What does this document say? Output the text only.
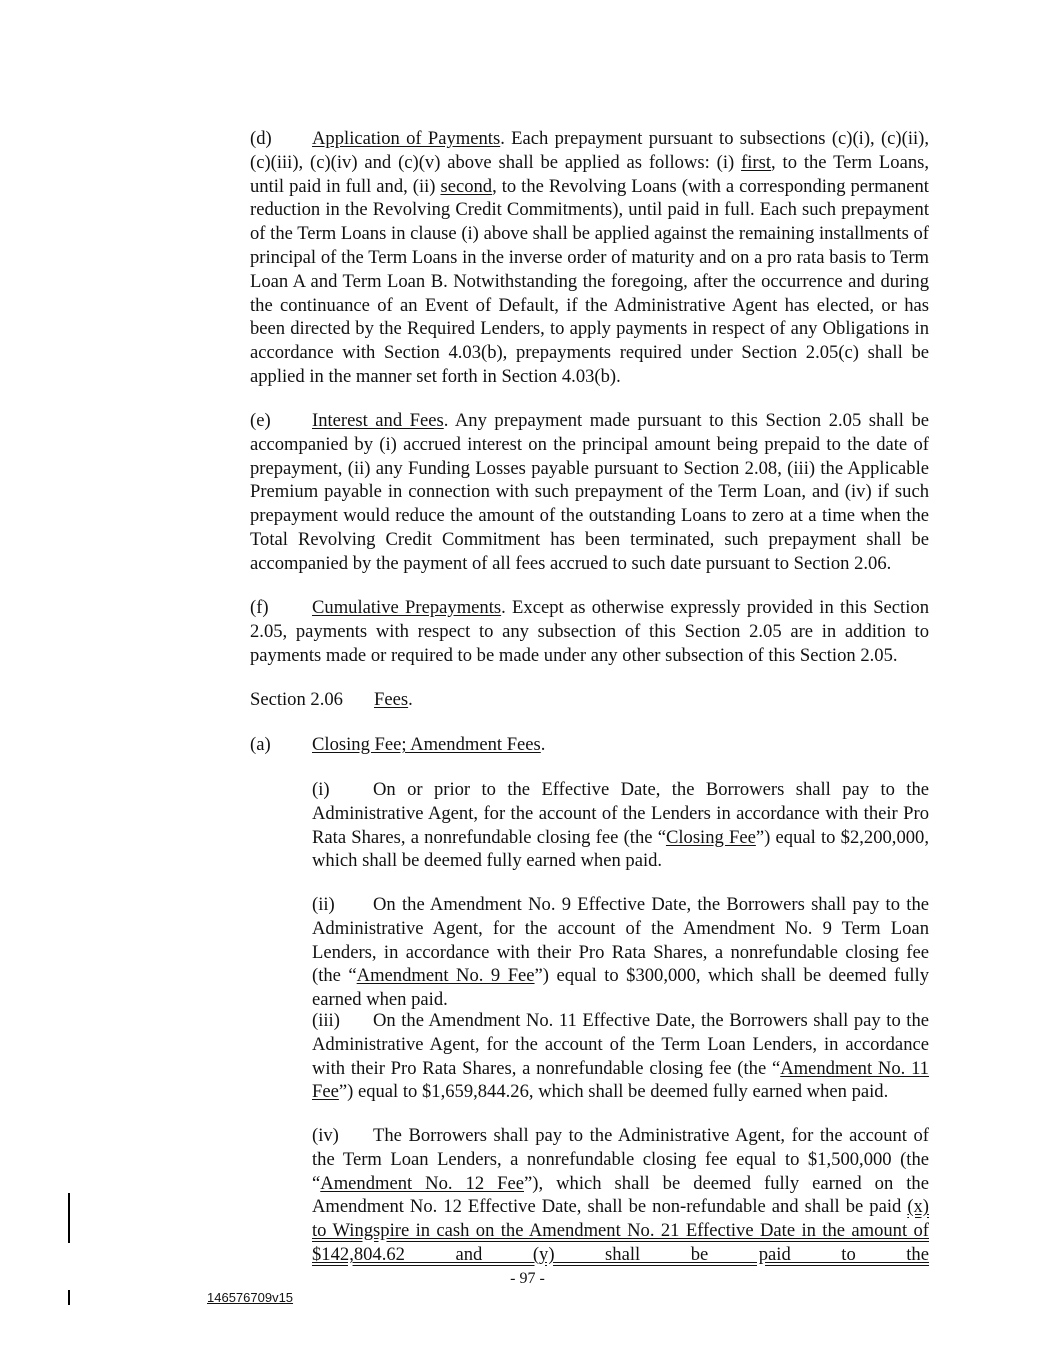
(d) Application of Payments. Each prepayment pursuant to subsections (c)(i), (c)(ii), (c)(iii), (c)(iv) and (c)(v) above shall be applied as follows: (i) first, to the Term Loans, until paid in full and, (ii) second, to the Revolving Loans (with a corresponding permanent reduction in the Revolving Credit Commitments), until paid in full. Each such prepayment of the Term Loans in clause (i) above shall be applied against the remaining installments of principal of the Term Loans in the inverse order of maturity and on a pro rata basis to Term Loan A and Term Loan B. Notwithstanding the foregoing, after the occurrence and during the continuance of an Event of Default, if the Administrative Agent has elected, or has been directed by the Required Lenders, to apply payments in respect of any Obligations in accordance with Section 4.03(b), prepayments required under Section 2.05(c) shall be applied in the manner set forth in Section 4.03(b).

(e) Interest and Fees. Any prepayment made pursuant to this Section 2.05 shall be accompanied by (i) accrued interest on the principal amount being prepaid to the date of prepayment, (ii) any Funding Losses payable pursuant to Section 2.08, (iii) the Applicable Premium payable in connection with such prepayment of the Term Loan, and (iv) if such prepayment would reduce the amount of the outstanding Loans to zero at a time when the Total Revolving Credit Commitment has been terminated, such prepayment shall be accompanied by the payment of all fees accrued to such date pursuant to Section 2.06.

(f) Cumulative Prepayments. Except as otherwise expressly provided in this Section 2.05, payments with respect to any subsection of this Section 2.05 are in addition to payments made or required to be made under any other subsection of this Section 2.05.

Section 2.06 Fees.

(a) Closing Fee; Amendment Fees.

(i) On or prior to the Effective Date, the Borrowers shall pay to the Administrative Agent, for the account of the Lenders in accordance with their Pro Rata Shares, a nonrefundable closing fee (the “Closing Fee”) equal to $2,200,000, which shall be deemed fully earned when paid.

(ii) On the Amendment No. 9 Effective Date, the Borrowers shall pay to the Administrative Agent, for the account of the Amendment No. 9 Term Loan Lenders, in accordance with their Pro Rata Shares, a nonrefundable closing fee (the “Amendment No. 9 Fee”) equal to $300,000, which shall be deemed fully earned when paid.

(iii) On the Amendment No. 11 Effective Date, the Borrowers shall pay to the Administrative Agent, for the account of the Term Loan Lenders, in accordance with their Pro Rata Shares, a nonrefundable closing fee (the “Amendment No. 11 Fee”) equal to $1,659,844.26, which shall be deemed fully earned when paid.

(iv) The Borrowers shall pay to the Administrative Agent, for the account of the Term Loan Lenders, a nonrefundable closing fee equal to $1,500,000 (the “Amendment No. 12 Fee”), which shall be deemed fully earned on the Amendment No. 12 Effective Date, shall be non-refundable and shall be paid (x) to Wingspire in cash on the Amendment No. 21 Effective Date in the amount of $142,804.62 and (y) shall be paid to the

- 97 -
146576709v15
